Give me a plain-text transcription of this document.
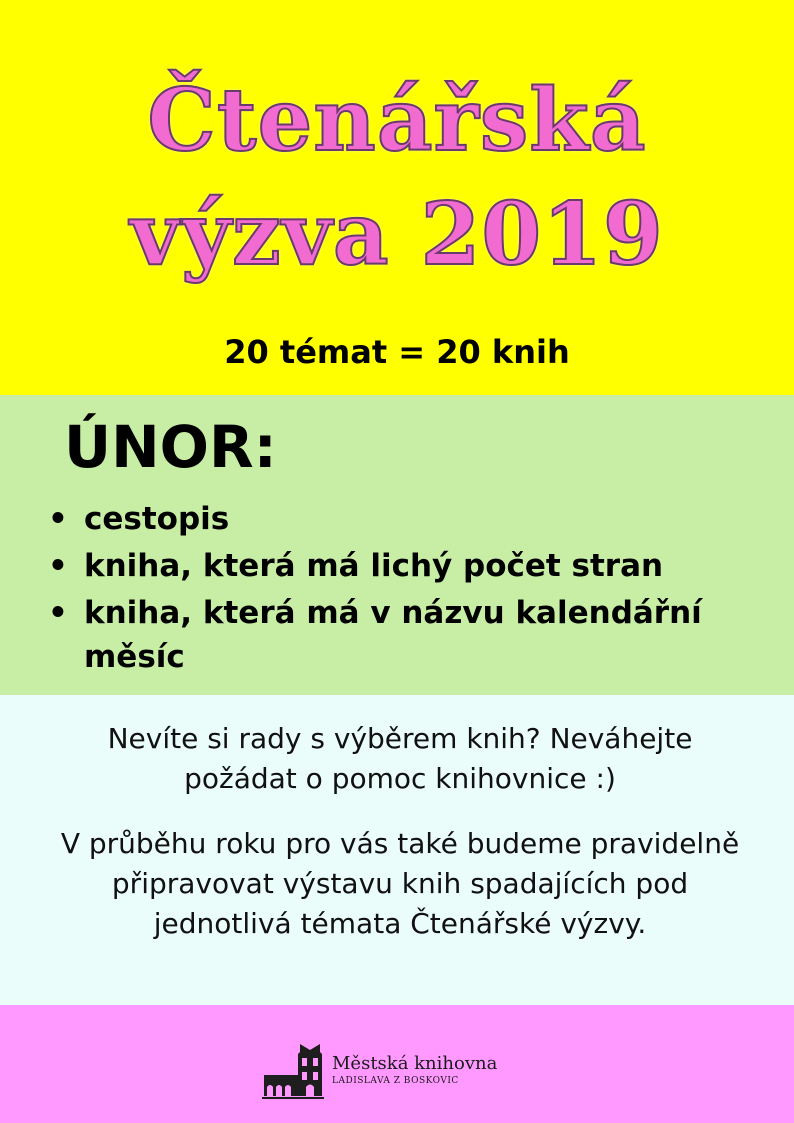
Čtenářská
výzva 2019
20 témat = 20 knih
ÚNOR:
• cestopis
• kniha, která má lichý počet stran
• kniha, která má v názvu kalendářní měsíc

Nevíte si rady s výběrem knih? Neváhejte požádat o pomoc knihovnice :)

V průběhu roku pro vás také budeme pravidelně připravovat výstavu knih spadajících pod jednotlivá témata Čtenářské výzvy.

Městská knihovna
LADISLAVA Z BOSKOVIC
